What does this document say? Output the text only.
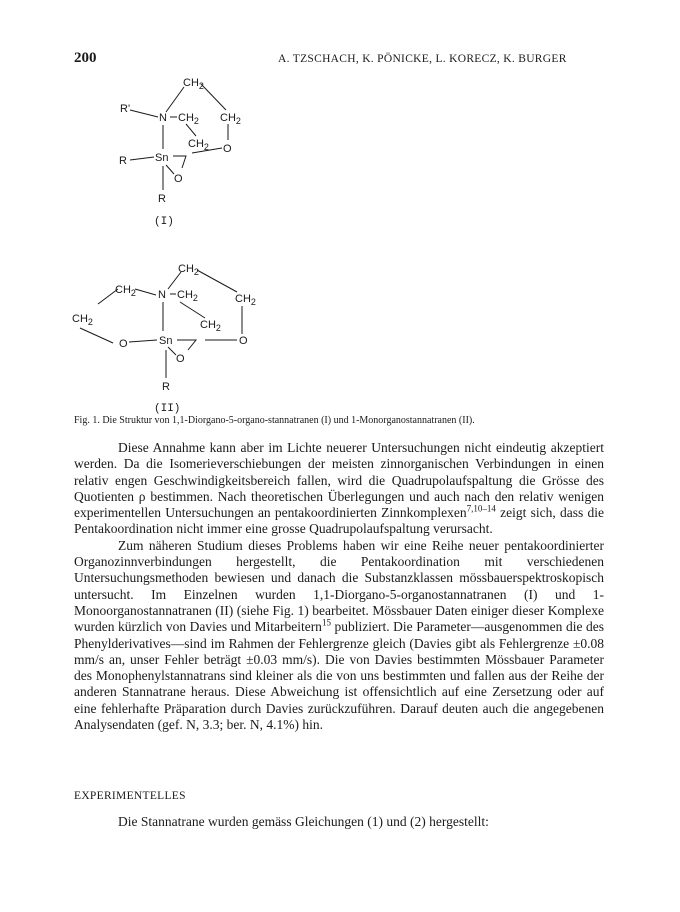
200	A. TZSCHACH, K. PÖNICKE, L. KORECZ, K. BURGER
$CH_2$
R'
N $CH_2$ $CH_2$
$CH_2$ O
R	Sn
O
R
(I)
$CH_2$
$CH_2$ N $CH_2$	$CH_2$
$CH_2$	$CH_2$
O	Sn	O
O
R
(II)
Fig. 1. Die Struktur von 1,1-Diorgano-5-organo-stannatranen (I) und 1-Monorganostannatranen (II).

Diese Annahme kann aber im Lichte neuerer Untersuchungen nicht eindeutig akzeptiert werden. Da die Isomerieverschiebungen der meisten zinnorganischen Verbindungen in einen relativ engen Geschwindigkeitsbereich fallen, wird die Quadrupolaufspaltung die Grösse des Quotienten ρ bestimmen. Nach theoretischen Überlegungen und auch nach den relativ wenigen experimentellen Untersuchungen an pentakoordinierten Zinnkomplexen$^{7,10-14}$ zeigt sich, dass die Pentakoordination nicht immer eine grosse Quadrupolaufspaltung verursacht.

Zum näheren Studium dieses Problems haben wir eine Reihe neuer pentakoordinierter Organozinnverbindungen hergestellt, die Pentakoordination mit verschiedenen Untersuchungsmethoden bewiesen und danach die Substanzklassen mössbauerspektroskopisch untersucht. Im Einzelnen wurden 1,1-Diorgano-5-organostannatranen (I) und 1-Monoorganostannatranen (II) (siehe Fig. 1) bearbeitet. Mössbauer Daten einiger dieser Komplexe wurden kürzlich von Davies und Mitarbeitern$^{15}$ publiziert. Die Parameter—ausgenommen die des Phenylderivatives—sind im Rahmen der Fehlergrenze gleich (Davies gibt als Fehlergrenze ±0.08 mm/s an, unser Fehler beträgt ±0.03 mm/s). Die von Davies bestimmten Mössbauer Parameter des Monophenylstannatrans sind kleiner als die von uns bestimmten und fallen aus der Reihe der anderen Stannatrane heraus. Diese Abweichung ist offensichtlich auf eine Zersetzung oder auf eine fehlerhafte Präparation durch Davies zurückzuführen. Darauf deuten auch die angegebenen Analysendaten (gef. N, 3.3; ber. N, 4.1%) hin.

EXPERIMENTELLES
Die Stannatrane wurden gemäss Gleichungen (1) und (2) hergestellt:
